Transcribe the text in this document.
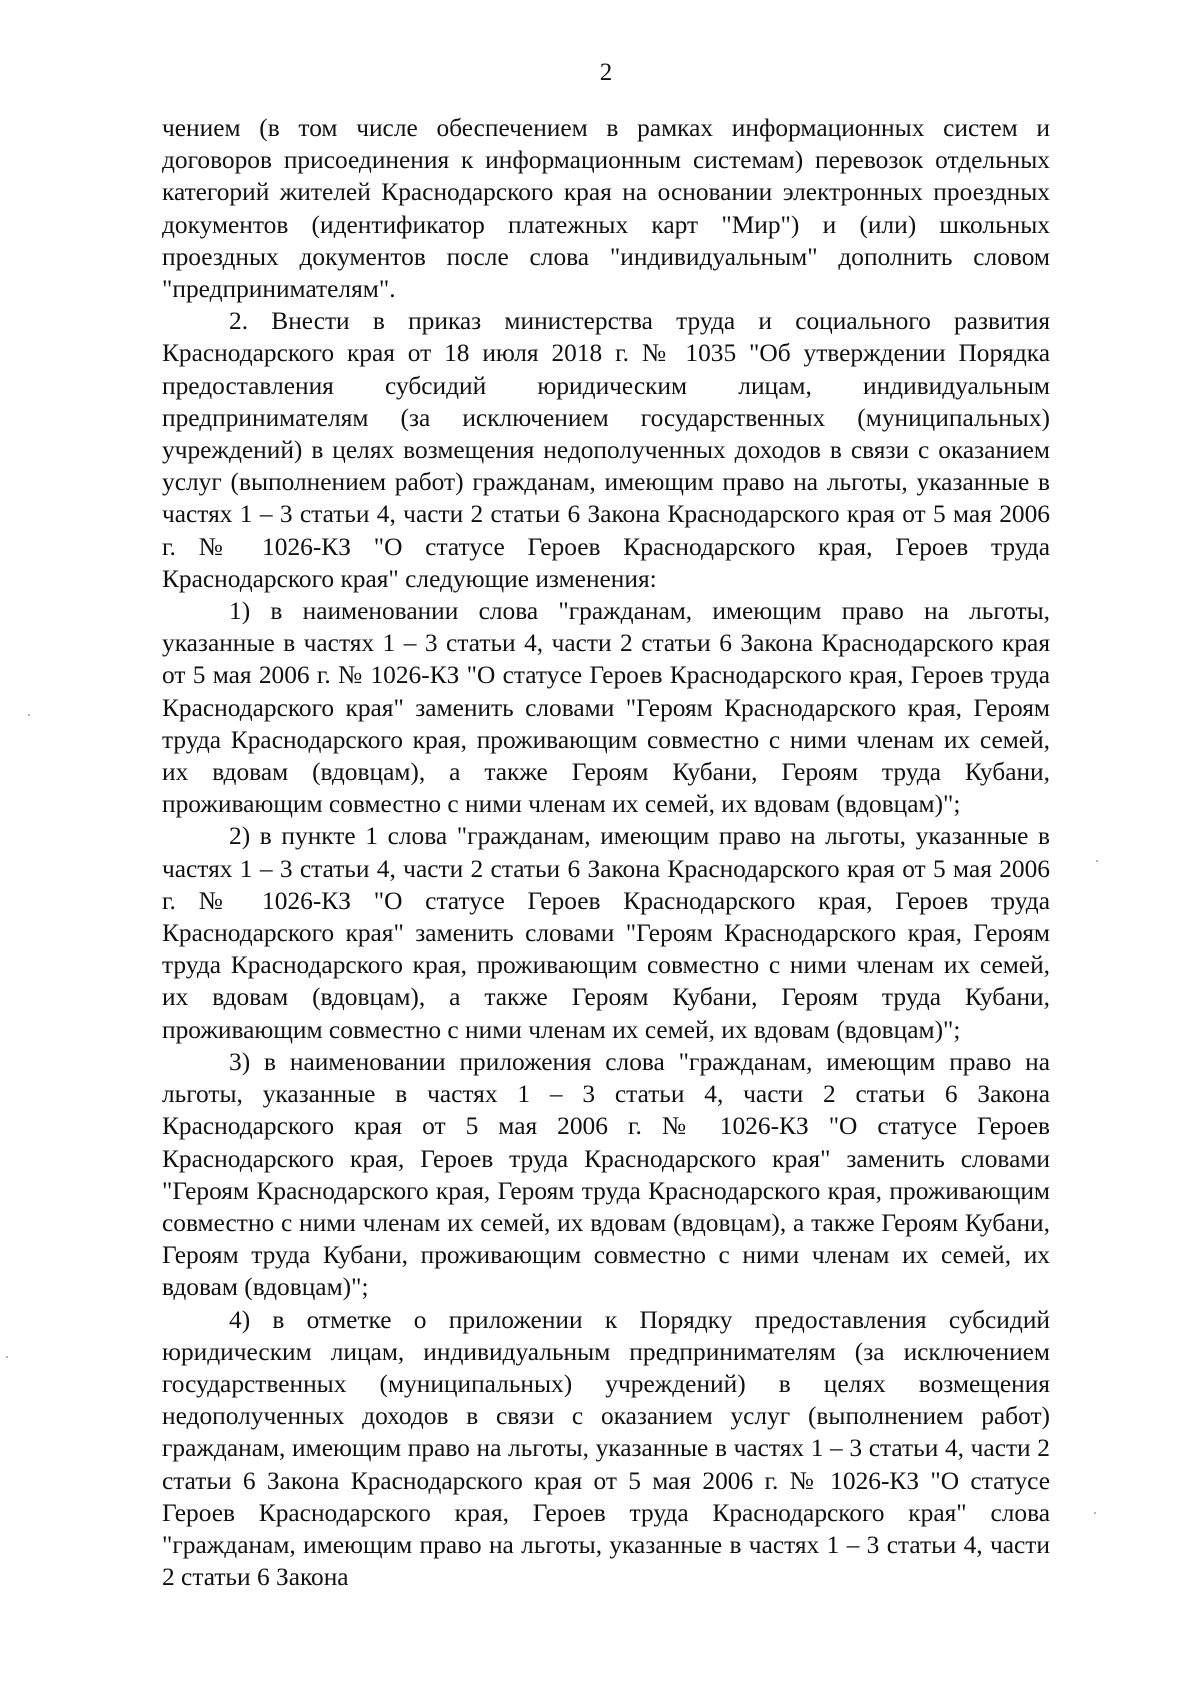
2

чением (в том числе обеспечением в рамках информационных систем и договоров присоединения к информационным системам) перевозок отдельных категорий жителей Краснодарского края на основании электронных проездных документов (идентификатор платежных карт "Мир") и (или) школьных проездных документов после слова "индивидуальным" дополнить словом "предпринимателям".

2. Внести в приказ министерства труда и социального развития Краснодарского края от 18 июля 2018 г. № 1035 "Об утверждении Порядка предоставления субсидий юридическим лицам, индивидуальным предпринимателям (за исключением государственных (муниципальных) учреждений) в целях возмещения недополученных доходов в связи с оказанием услуг (выполнением работ) гражданам, имеющим право на льготы, указанные в частях 1 – 3 статьи 4, части 2 статьи 6 Закона Краснодарского края от 5 мая 2006 г. № 1026-КЗ "О статусе Героев Краснодарского края, Героев труда Краснодарского края" следующие изменения:

1) в наименовании слова "гражданам, имеющим право на льготы, указанные в частях 1 – 3 статьи 4, части 2 статьи 6 Закона Краснодарского края от 5 мая 2006 г. № 1026-КЗ "О статусе Героев Краснодарского края, Героев труда Краснодарского края" заменить словами "Героям Краснодарского края, Героям труда Краснодарского края, проживающим совместно с ними членам их семей, их вдовам (вдовцам), а также Героям Кубани, Героям труда Кубани, проживающим совместно с ними членам их семей, их вдовам (вдовцам)";

2) в пункте 1 слова "гражданам, имеющим право на льготы, указанные в частях 1 – 3 статьи 4, части 2 статьи 6 Закона Краснодарского края от 5 мая 2006 г. № 1026-КЗ "О статусе Героев Краснодарского края, Героев труда Краснодарского края" заменить словами "Героям Краснодарского края, Героям труда Краснодарского края, проживающим совместно с ними членам их семей, их вдовам (вдовцам), а также Героям Кубани, Героям труда Кубани, проживающим совместно с ними членам их семей, их вдовам (вдовцам)";

3) в наименовании приложения слова "гражданам, имеющим право на льготы, указанные в частях 1 – 3 статьи 4, части 2 статьи 6 Закона Краснодарского края от 5 мая 2006 г. № 1026-КЗ "О статусе Героев Краснодарского края, Героев труда Краснодарского края" заменить словами "Героям Краснодарского края, Героям труда Краснодарского края, проживающим совместно с ними членам их семей, их вдовам (вдовцам), а также Героям Кубани, Героям труда Кубани, проживающим совместно с ними членам их семей, их вдовам (вдовцам)";

4) в отметке о приложении к Порядку предоставления субсидий юридическим лицам, индивидуальным предпринимателям (за исключением государственных (муниципальных) учреждений) в целях возмещения недополученных доходов в связи с оказанием услуг (выполнением работ) гражданам, имеющим право на льготы, указанные в частях 1 – 3 статьи 4, части 2 статьи 6 Закона Краснодарского края от 5 мая 2006 г. № 1026-КЗ "О статусе Героев Краснодарского края, Героев труда Краснодарского края" слова "гражданам, имеющим право на льготы, указанные в частях 1 – 3 статьи 4, части 2 статьи 6 Закона
